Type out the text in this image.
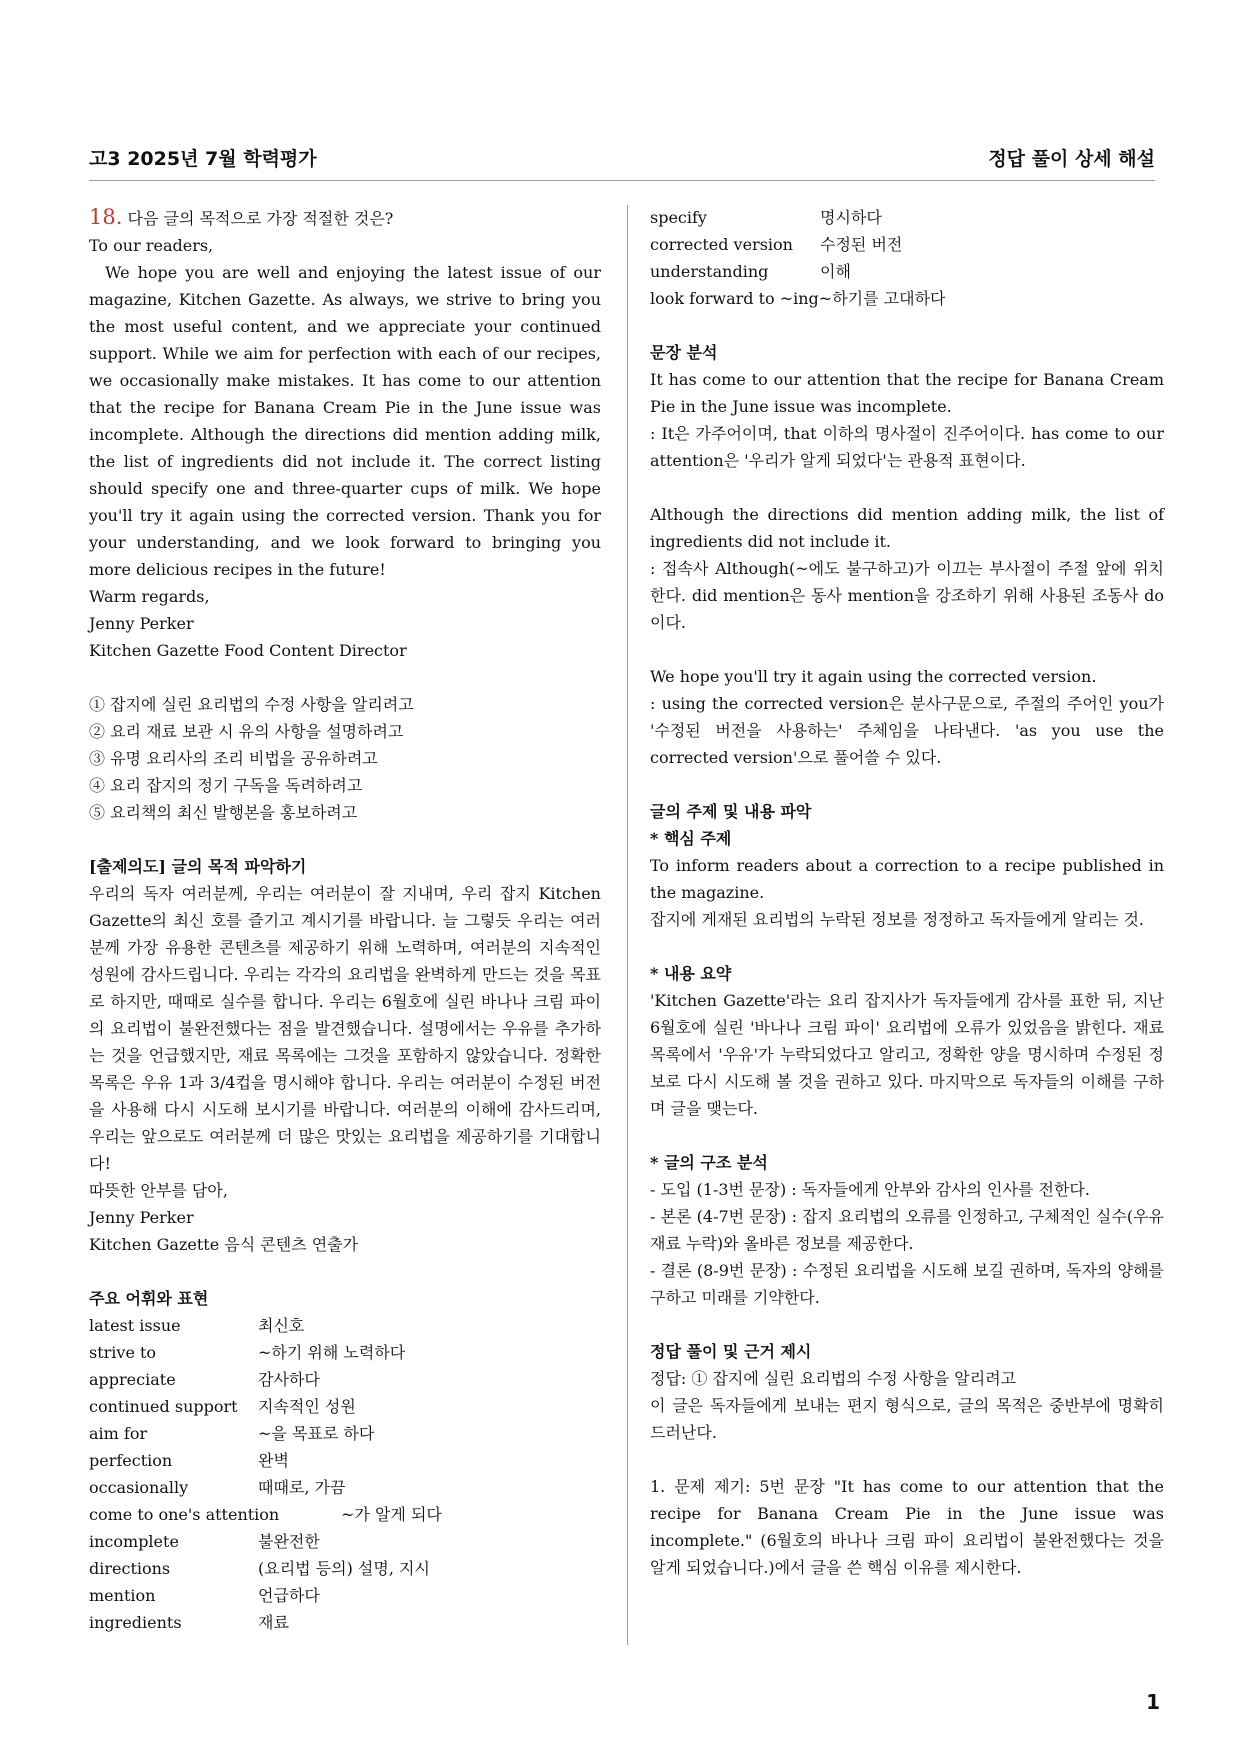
고3 2025년 7월 학력평가	정답 풀이 상세 해설

18. 다음 글의 목적으로 가장 적절한 것은?

To our readers,

We hope you are well and enjoying the latest issue of our magazine, Kitchen Gazette. As always, we strive to bring you the most useful content, and we appreciate your continued support. While we aim for perfection with each of our recipes, we occasionally make mistakes. It has come to our attention that the recipe for Banana Cream Pie in the June issue was incomplete. Although the directions did mention adding milk, the list of ingredients did not include it. The correct listing should specify one and three-quarter cups of milk. We hope you'll try it again using the corrected version. Thank you for your understanding, and we look forward to bringing you more delicious recipes in the future!

Warm regards,

Jenny Perker

Kitchen Gazette Food Content Director

① 잡지에 실린 요리법의 수정 사항을 알리려고

② 요리 재료 보관 시 유의 사항을 설명하려고

③ 유명 요리사의 조리 비법을 공유하려고

④ 요리 잡지의 정기 구독을 독려하려고

⑤ 요리책의 최신 발행본을 홍보하려고

[출제의도] 글의 목적 파악하기

우리의 독자 여러분께, 우리는 여러분이 잘 지내며, 우리 잡지 Kitchen Gazette의 최신 호를 즐기고 계시기를 바랍니다. 늘 그렇듯 우리는 여러분께 가장 유용한 콘텐츠를 제공하기 위해 노력하며, 여러분의 지속적인 성원에 감사드립니다. 우리는 각각의 요리법을 완벽하게 만드는 것을 목표로 하지만, 때때로 실수를 합니다. 우리는 6월호에 실린 바나나 크림 파이의 요리법이 불완전했다는 점을 발견했습니다. 설명에서는 우유를 추가하는 것을 언급했지만, 재료 목록에는 그것을 포함하지 않았습니다. 정확한 목록은 우유 1과 3/4컵을 명시해야 합니다. 우리는 여러분이 수정된 버전을 사용해 다시 시도해 보시기를 바랍니다. 여러분의 이해에 감사드리며, 우리는 앞으로도 여러분께 더 많은 맛있는 요리법을 제공하기를 기대합니다!

따뜻한 안부를 담아,

Jenny Perker

Kitchen Gazette 음식 콘텐츠 연출가

주요 어휘와 표현

latest issue	최신호
strive to	~하기 위해 노력하다
appreciate	감사하다
continued support	지속적인 성원
aim for	~을 목표로 하다
perfection	완벽
occasionally	때때로, 가끔
come to one's attention	~가 알게 되다
incomplete	불완전한
directions	(요리법 등의) 설명, 지시
mention	언급하다
ingredients	재료
specify	명시하다
corrected version	수정된 버전
understanding	이해

look forward to ~ing~하기를 고대하다

문장 분석

It has come to our attention that the recipe for Banana Cream Pie in the June issue was incomplete.

: It은 가주어이며, that 이하의 명사절이 진주어이다. has come to our attention은 '우리가 알게 되었다'는 관용적 표현이다.

Although the directions did mention adding milk, the list of ingredients did not include it.

: 접속사 Although(~에도 불구하고)가 이끄는 부사절이 주절 앞에 위치한다. did mention은 동사 mention을 강조하기 위해 사용된 조동사 do이다.

We hope you'll try it again using the corrected version.

: using the corrected version은 분사구문으로, 주절의 주어인 you가 '수정된 버전을 사용하는' 주체임을 나타낸다. 'as you use the corrected version'으로 풀어쓸 수 있다.

글의 주제 및 내용 파악

* 핵심 주제

To inform readers about a correction to a recipe published in the magazine.

잡지에 게재된 요리법의 누락된 정보를 정정하고 독자들에게 알리는 것.

* 내용 요약

'Kitchen Gazette'라는 요리 잡지사가 독자들에게 감사를 표한 뒤, 지난 6월호에 실린 '바나나 크림 파이' 요리법에 오류가 있었음을 밝힌다. 재료 목록에서 '우유'가 누락되었다고 알리고, 정확한 양을 명시하며 수정된 정보로 다시 시도해 볼 것을 권하고 있다. 마지막으로 독자들의 이해를 구하며 글을 맺는다.

* 글의 구조 분석

- 도입 (1-3번 문장) : 독자들에게 안부와 감사의 인사를 전한다.

- 본론 (4-7번 문장) : 잡지 요리법의 오류를 인정하고, 구체적인 실수(우유 재료 누락)와 올바른 정보를 제공한다.

- 결론 (8-9번 문장) : 수정된 요리법을 시도해 보길 권하며, 독자의 양해를 구하고 미래를 기약한다.

정답 풀이 및 근거 제시

정답: ① 잡지에 실린 요리법의 수정 사항을 알리려고

이 글은 독자들에게 보내는 편지 형식으로, 글의 목적은 중반부에 명확히 드러난다.

1. 문제 제기: 5번 문장 "It has come to our attention that the recipe for Banana Cream Pie in the June issue was incomplete." (6월호의 바나나 크림 파이 요리법이 불완전했다는 것을 알게 되었습니다.)에서 글을 쓴 핵심 이유를 제시한다.

1
